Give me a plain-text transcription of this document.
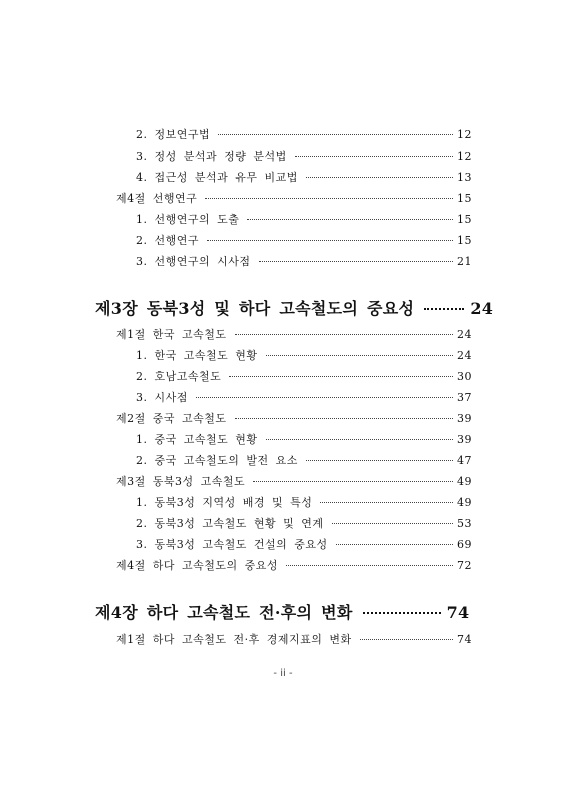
2. 정보연구법	12
3. 정성 분석과 정량 분석법	12
4. 접근성 분석과 유무 비교법	13
제4절 선행연구	15
1. 선행연구의 도출	15
2. 선행연구	15
3. 선행연구의 시사점	21
제3장 동북3성 및 하다 고속철도의 중요성	24
제1절 한국 고속철도	24
1. 한국 고속철도 현황	24
2. 호남고속철도	30
3. 시사점	37
제2절 중국 고속철도	39
1. 중국 고속철도 현황	39
2. 중국 고속철도의 발전 요소	47
제3절 동북3성 고속철도	49
1. 동북3성 지역성 배경 및 특성	49
2. 동북3성 고속철도 현황 및 연계	53
3. 동북3성 고속철도 건설의 중요성	69
제4절 하다 고속철도의 중요성	72
제4장 하다 고속철도 전·후의 변화	74
제1절 하다 고속철도 전·후 경제지표의 변화	74
- ii -
